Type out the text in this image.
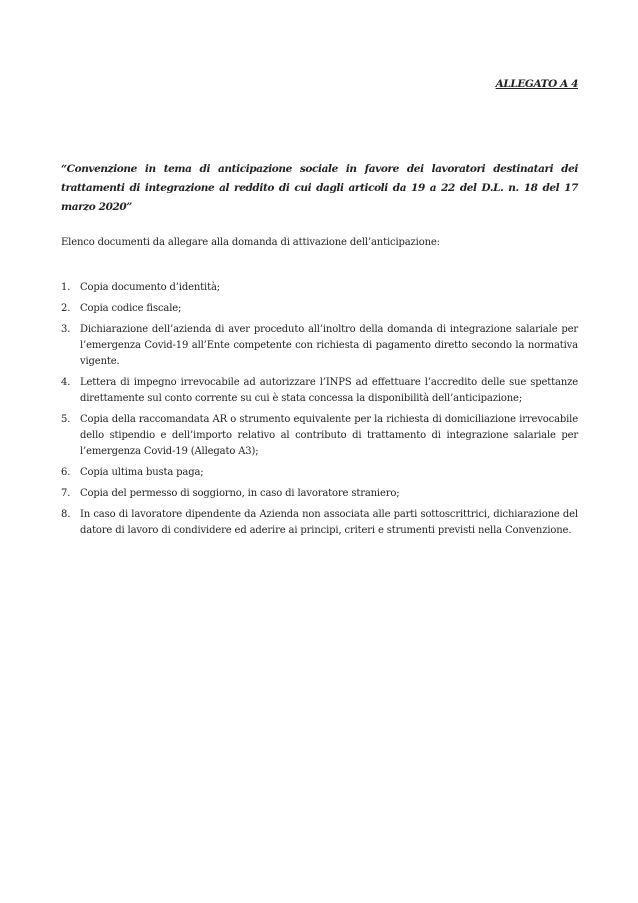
ALLEGATO A 4
“Convenzione in tema di anticipazione sociale in favore dei lavoratori destinatari dei trattamenti di integrazione al reddito di cui dagli articoli da 19 a 22 del D.L. n. 18 del 17 marzo 2020”
Elenco documenti da allegare alla domanda di attivazione dell’anticipazione:
1. Copia documento d’identità;
2. Copia codice fiscale;
3. Dichiarazione dell’azienda di aver proceduto all’inoltro della domanda di integrazione salariale per l’emergenza Covid-19 all’Ente competente con richiesta di pagamento diretto secondo la normativa vigente.
4. Lettera di impegno irrevocabile ad autorizzare l’INPS ad effettuare l’accredito delle sue spettanze direttamente sul conto corrente su cui è stata concessa la disponibilità dell’anticipazione;
5. Copia della raccomandata AR o strumento equivalente per la richiesta di domiciliazione irrevocabile dello stipendio e dell’importo relativo al contributo di trattamento di integrazione salariale per l’emergenza Covid-19 (Allegato A3);
6. Copia ultima busta paga;
7. Copia del permesso di soggiorno, in caso di lavoratore straniero;
8. In caso di lavoratore dipendente da Azienda non associata alle parti sottoscrittrici, dichiarazione del datore di lavoro di condividere ed aderire ai principi, criteri e strumenti previsti nella Convenzione.
